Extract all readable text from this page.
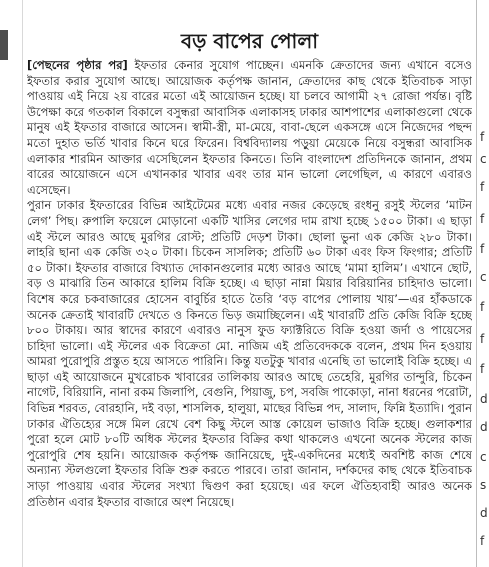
বড় বাপের পোলা

[পেছনের পৃষ্ঠার পর] ইফতার কেনার সুযোগ পাচ্ছেন। এমনকি ক্রেতাদের জন্য এখানে বসেও ইফতার করার সুযোগ আছে। আয়োজক কর্তৃপক্ষ জানান, ক্রেতাদের কাছ থেকে ইতিবাচক সাড়া পাওয়ায় এই নিয়ে ২য় বারের মতো এই আয়োজন হচ্ছে। যা চলবে আগামী ২৭ রোজা পর্যন্ত। বৃষ্টি উপেক্ষা করে গতকাল বিকালে বসুন্ধরা আবাসিক এলাকাসহ ঢাকার আশপাশের এলাকাগুলো থেকে মানুষ এই ইফতার বাজারে আসেন। স্বামী-স্ত্রী, মা-মেয়ে, বাবা-ছেলে একসঙ্গে এসে নিজেদের পছন্দ মতো দুহাত ভর্তি খাবার কিনে ঘরে ফিরেন। বিশ্ববিদ্যালয় পড়ুয়া মেয়েকে নিয়ে বসুন্ধরা আবাসিক এলাকার শারমিন আক্তার এসেছিলেন ইফতার কিনতে। তিনি বাংলাদেশ প্রতিদিনকে জানান, প্রথম বারের আয়োজনে এসে এখানকার খাবার এবং তার মান ভালো লেগেছিল, এ কারণে এবারও এসেছেন।

পুরান ঢাকার ইফতারের বিভিন্ন আইটেমের মধ্যে এবার নজর কেড়েছে রংধনু রসুই স্টলের ‘মাটন লেগ’ পিছ। রুপালি ফয়েলে মোড়ানো একটি খাসির লেগের দাম রাখা হচ্ছে ১৫০০ টাকা। এ ছাড়া এই স্টলে আরও আছে মুরগির রোস্ট; প্রতিটি দেড়শ টাকা। ছোলা ভুনা এক কেজি ২৮০ টাকা। লাহরি ছানা এক কেজি ৩২০ টাকা। চিকেন সাসলিক; প্রতিটি ৬০ টাকা এবং ফিস ফিংগার; প্রতিটি ৫০ টাকা। ইফতার বাজারে বিখ্যাত দোকানগুলোর মধ্যে আরও আছে ‘মামা হালিম’। এখানে ছোট, বড় ও মাঝারি তিন আকারে হালিম বিক্রি হচ্ছে। এ ছাড়া নান্না মিয়ার বিরিয়ানির চাহিদাও ভালো। বিশেষ করে চকবাজারের হোসেন বাবুর্চির হাতে তৈরি ‘বড় বাপের পোলায় খায়’—এর হাঁকডাকে অনেক ক্রেতাই খাবারটি দেখতে ও কিনতে ভিড় জমাচ্ছিলেন। এই খাবারটি প্রতি কেজি বিক্রি হচ্ছে ৮০০ টাকায়। আর স্বাদের কারণে এবারও নানুস ফুড ফ্যাক্টরিতে বিক্রি হওয়া জর্দা ও পায়েসের চাহিদা ভালো। এই স্টলের এক বিক্রেতা মো. নাজিম এই প্রতিবেদককে বলেন, প্রথম দিন হওয়ায় আমরা পুরোপুরি প্রস্তুত হয়ে আসতে পারিনি। কিন্তু যতটুকু খাবার এনেছি তা ভালোই বিক্রি হচ্ছে। এ ছাড়া এই আয়োজনে মুখরোচক খাবারের তালিকায় আরও আছে তেহেরি, মুরগির তান্দুরি, চিকেন নাগেট, বিরিয়ানি, নানা রকম জিলাপি, বেগুনি, পিয়াজু, চপ, সবজি পাকোড়া, নানা ধরনের পরোটা, বিভিন্ন শরবত, বোরহানি, দই বড়া, শাসলিক, হালুয়া, মাছের বিভিন্ন পদ, সালাদ, ফিন্নি ইত্যাদি। পুরান ঢাকার ঐতিহ্যের সঙ্গে মিল রেখে বেশ কিছু স্টলে আস্ত কোয়েল ভাজাও বিক্রি হচ্ছে। গুলাকশার পুরো হলে মোট ৮০টি অধিক স্টলের ইফতার বিক্রির কথা থাকলেও এখনো অনেক স্টলের কাজ পুরোপুরি শেষ হয়নি। আয়োজক কর্তৃপক্ষ জানিয়েছে, দুই-একদিনের মধ্যেই অবশিষ্ট কাজ শেষে অন্যান্য স্টলগুলো ইফতার বিক্রি শুরু করতে পারবে। তারা জানান, দর্শকদের কাছ থেকে ইতিবাচক সাড়া পাওয়ায় এবার স্টলের সংখ্যা দ্বিগুণ করা হয়েছে। এর ফলে ঐতিহ্যবাহী আরও অনেক প্রতিষ্ঠান এবার ইফতার বাজারে অংশ নিয়েছে।

f
c
f
f
f
c
f
f
f
d
d
c
s
d
f
